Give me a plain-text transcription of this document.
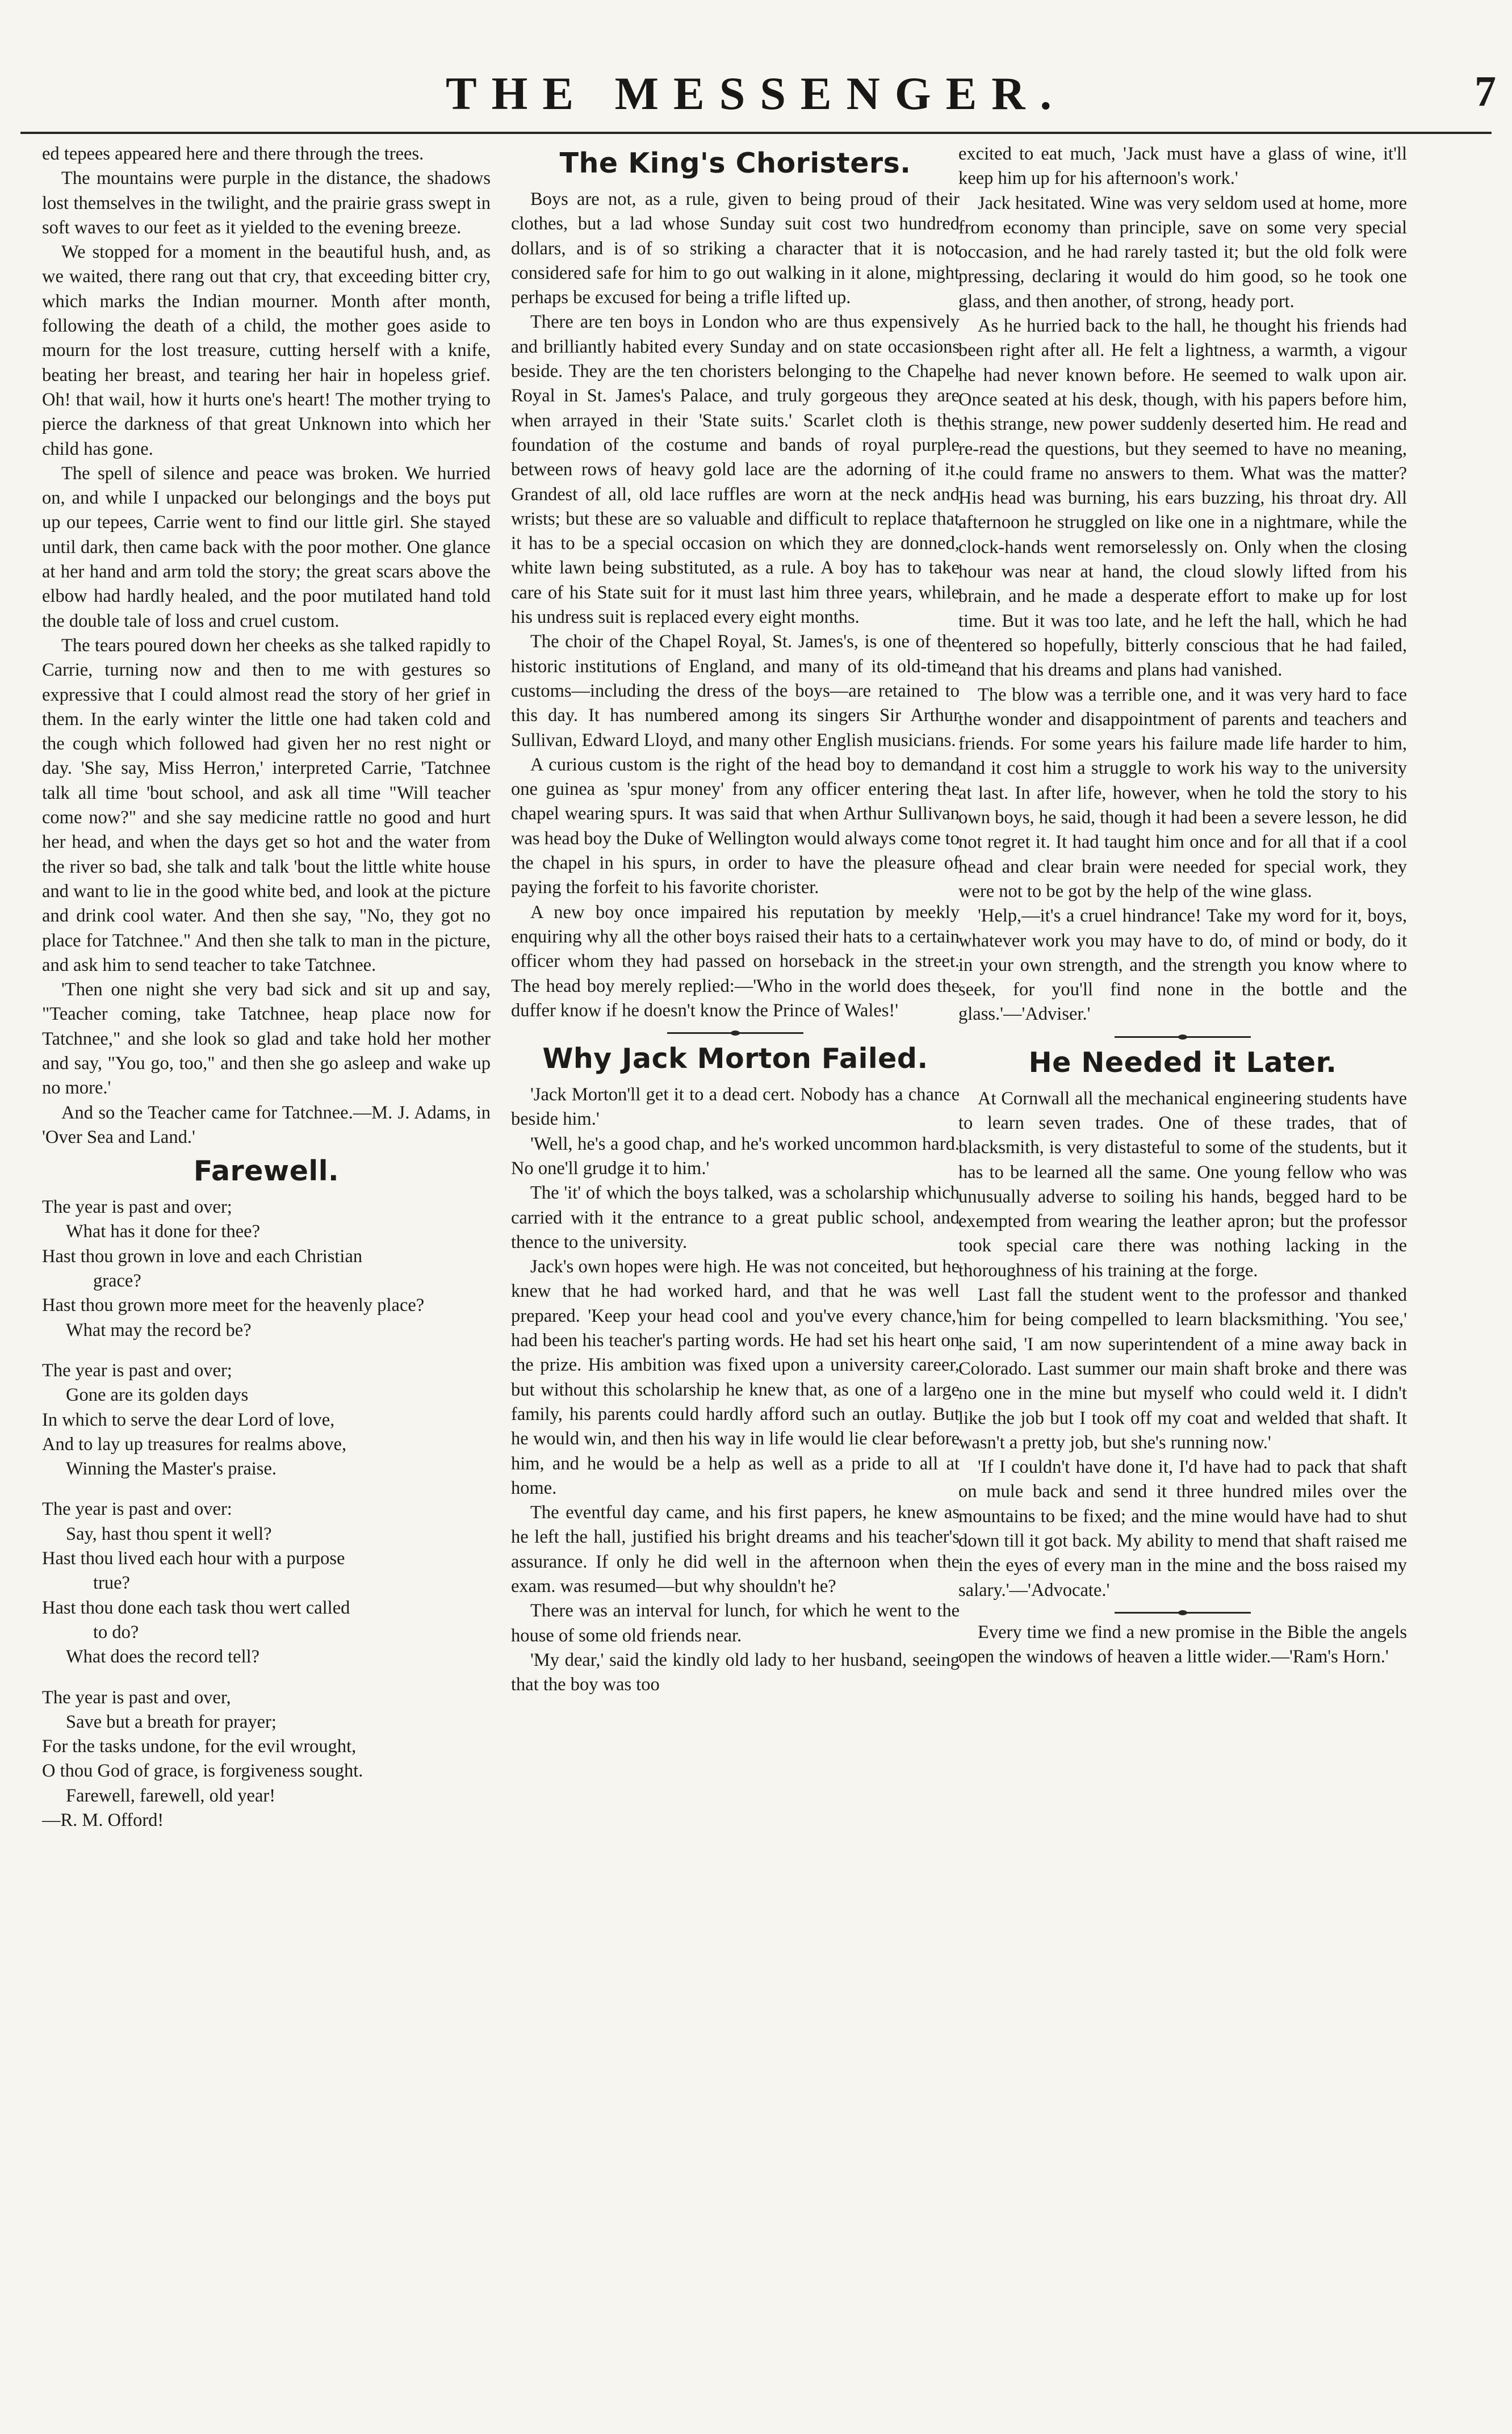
THE MESSENGER.	7

ed tepees appeared here and there through the trees.

The mountains were purple in the distance, the shadows lost themselves in the twilight, and the prairie grass swept in soft waves to our feet as it yielded to the evening breeze.

We stopped for a moment in the beautiful hush, and, as we waited, there rang out that cry, that exceeding bitter cry, which marks the Indian mourner. Month after month, following the death of a child, the mother goes aside to mourn for the lost treasure, cutting herself with a knife, beating her breast, and tearing her hair in hopeless grief. Oh! that wail, how it hurts one's heart! The mother trying to pierce the darkness of that great Unknown into which her child has gone.

The spell of silence and peace was broken. We hurried on, and while I unpacked our belongings and the boys put up our tepees, Carrie went to find our little girl. She stayed until dark, then came back with the poor mother. One glance at her hand and arm told the story; the great scars above the elbow had hardly healed, and the poor mutilated hand told the double tale of loss and cruel custom.

The tears poured down her cheeks as she talked rapidly to Carrie, turning now and then to me with gestures so expressive that I could almost read the story of her grief in them. In the early winter the little one had taken cold and the cough which followed had given her no rest night or day. 'She say, Miss Herron,' interpreted Carrie, 'Tatchnee talk all time 'bout school, and ask all time "Will teacher come now?" and she say medicine rattle no good and hurt her head, and when the days get so hot and the water from the river so bad, she talk and talk 'bout the little white house and want to lie in the good white bed, and look at the picture and drink cool water. And then she say, "No, they got no place for Tatchnee." And then she talk to man in the picture, and ask him to send teacher to take Tatchnee.

'Then one night she very bad sick and sit up and say, "Teacher coming, take Tatchnee, heap place now for Tatchnee," and she look so glad and take hold her mother and say, "You go, too," and then she go asleep and wake up no more.'

And so the Teacher came for Tatchnee.—M. J. Adams, in 'Over Sea and Land.'

Farewell.
The year is past and over;
What has it done for thee?
Hast thou grown in love and each Christian
grace?
Hast thou grown more meet for the heavenly place?
What may the record be?
The year is past and over;
Gone are its golden days
In which to serve the dear Lord of love,
And to lay up treasures for realms above,
Winning the Master's praise.
The year is past and over:
Say, hast thou spent it well?
Hast thou lived each hour with a purpose
true?
Hast thou done each task thou wert called
to do?
What does the record tell?
The year is past and over,
Save but a breath for prayer;
For the tasks undone, for the evil wrought,
O thou God of grace, is forgiveness sought.
Farewell, farewell, old year!
—R. M. Offord!
The King's Choristers.

Boys are not, as a rule, given to being proud of their clothes, but a lad whose Sunday suit cost two hundred dollars, and is of so striking a character that it is not considered safe for him to go out walking in it alone, might perhaps be excused for being a trifle lifted up.

There are ten boys in London who are thus expensively and brilliantly habited every Sunday and on state occasions beside. They are the ten choristers belonging to the Chapel Royal in St. James's Palace, and truly gorgeous they are when arrayed in their 'State suits.' Scarlet cloth is the foundation of the costume and bands of royal purple between rows of heavy gold lace are the adorning of it. Grandest of all, old lace ruffles are worn at the neck and wrists; but these are so valuable and difficult to replace that it has to be a special occasion on which they are donned, white lawn being substituted, as a rule. A boy has to take care of his State suit for it must last him three years, while his undress suit is replaced every eight months.

The choir of the Chapel Royal, St. James's, is one of the historic institutions of England, and many of its old-time customs—including the dress of the boys—are retained to this day. It has numbered among its singers Sir Arthur Sullivan, Edward Lloyd, and many other English musicians.

A curious custom is the right of the head boy to demand one guinea as 'spur money' from any officer entering the chapel wearing spurs. It was said that when Arthur Sullivan was head boy the Duke of Wellington would always come to the chapel in his spurs, in order to have the pleasure of paying the forfeit to his favorite chorister.

A new boy once impaired his reputation by meekly enquiring why all the other boys raised their hats to a certain officer whom they had passed on horseback in the street. The head boy merely replied:—'Who in the world does the duffer know if he doesn't know the Prince of Wales!'

Why Jack Morton Failed.

'Jack Morton'll get it to a dead cert. Nobody has a chance beside him.'

'Well, he's a good chap, and he's worked uncommon hard. No one'll grudge it to him.'

The 'it' of which the boys talked, was a scholarship which carried with it the entrance to a great public school, and thence to the university.

Jack's own hopes were high. He was not conceited, but he knew that he had worked hard, and that he was well prepared. 'Keep your head cool and you've every chance,' had been his teacher's parting words. He had set his heart on the prize. His ambition was fixed upon a university career, but without this scholarship he knew that, as one of a large family, his parents could hardly afford such an outlay. But he would win, and then his way in life would lie clear before him, and he would be a help as well as a pride to all at home.

The eventful day came, and his first papers, he knew as he left the hall, justified his bright dreams and his teacher's assurance. If only he did well in the afternoon when the exam. was resumed—but why shouldn't he?

There was an interval for lunch, for which he went to the house of some old friends near.

'My dear,' said the kindly old lady to her husband, seeing that the boy was too

excited to eat much, 'Jack must have a glass of wine, it'll keep him up for his afternoon's work.'

Jack hesitated. Wine was very seldom used at home, more from economy than principle, save on some very special occasion, and he had rarely tasted it; but the old folk were pressing, declaring it would do him good, so he took one glass, and then another, of strong, heady port.

As he hurried back to the hall, he thought his friends had been right after all. He felt a lightness, a warmth, a vigour he had never known before. He seemed to walk upon air. Once seated at his desk, though, with his papers before him, this strange, new power suddenly deserted him. He read and re-read the questions, but they seemed to have no meaning, he could frame no answers to them. What was the matter? His head was burning, his ears buzzing, his throat dry. All afternoon he struggled on like one in a nightmare, while the clock-hands went remorselessly on. Only when the closing hour was near at hand, the cloud slowly lifted from his brain, and he made a desperate effort to make up for lost time. But it was too late, and he left the hall, which he had entered so hopefully, bitterly conscious that he had failed, and that his dreams and plans had vanished.

The blow was a terrible one, and it was very hard to face the wonder and disappointment of parents and teachers and friends. For some years his failure made life harder to him, and it cost him a struggle to work his way to the university at last. In after life, however, when he told the story to his own boys, he said, though it had been a severe lesson, he did not regret it. It had taught him once and for all that if a cool head and clear brain were needed for special work, they were not to be got by the help of the wine glass.

'Help,—it's a cruel hindrance! Take my word for it, boys, whatever work you may have to do, of mind or body, do it in your own strength, and the strength you know where to seek, for you'll find none in the bottle and the glass.'—'Adviser.'

He Needed it Later.

At Cornwall all the mechanical engineering students have to learn seven trades. One of these trades, that of blacksmith, is very distasteful to some of the students, but it has to be learned all the same. One young fellow who was unusually adverse to soiling his hands, begged hard to be exempted from wearing the leather apron; but the professor took special care there was nothing lacking in the thoroughness of his training at the forge.

Last fall the student went to the professor and thanked him for being compelled to learn blacksmithing. 'You see,' he said, 'I am now superintendent of a mine away back in Colorado. Last summer our main shaft broke and there was no one in the mine but myself who could weld it. I didn't like the job but I took off my coat and welded that shaft. It wasn't a pretty job, but she's running now.'

'If I couldn't have done it, I'd have had to pack that shaft on mule back and send it three hundred miles over the mountains to be fixed; and the mine would have had to shut down till it got back. My ability to mend that shaft raised me in the eyes of every man in the mine and the boss raised my salary.'—'Advocate.'

Every time we find a new promise in the Bible the angels open the windows of heaven a little wider.—'Ram's Horn.'
